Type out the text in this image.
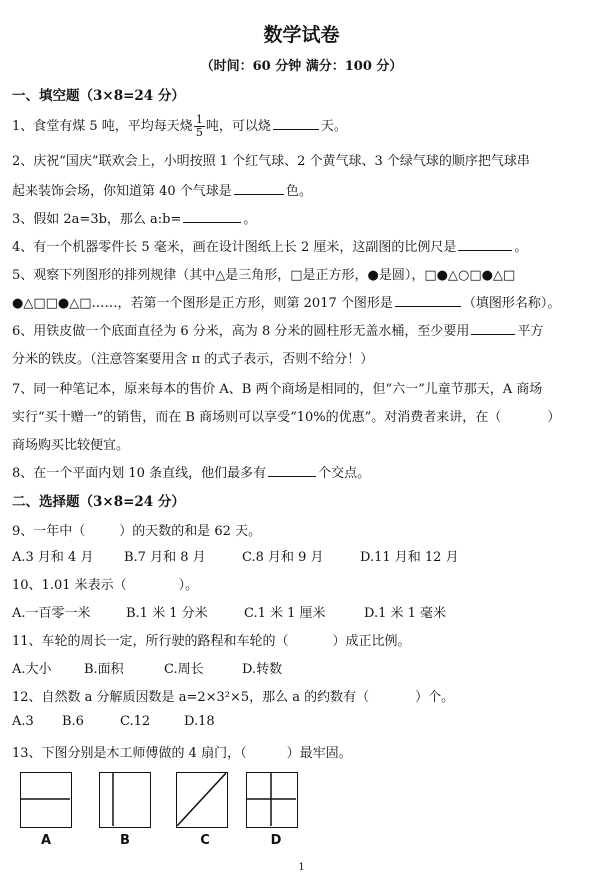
数学试卷
（时间：60 分钟 满分：100 分）
一、填空题（3×8=24 分）
1、食堂有煤 5 吨，平均每天烧 $\frac{1}{5}$ 吨，可以烧	天。
2、庆祝“国庆”联欢会上，小明按照 1 个红气球、2 个黄气球、3 个绿气球的顺序把气球串
起来装饰会场，你知道第 40 个气球是	色。
3、假如 2a=3b，那么 a:b=	。
4、有一个机器零件长 5 毫米，画在设计图纸上长 2 厘米，这副图的比例尺是	。
5、观察下列图形的排列规律（其中△是三角形，□是正方形，●是圆），□●△○□●△□
●△□□●△□……，若第一个图形是正方形，则第 2017 个图形是	（填图形名称）。
6、用铁皮做一个底面直径为 6 分米，高为 8 分米的圆柱形无盖水桶，至少要用	平方
分米的铁皮。（注意答案要用含 π 的式子表示，否则不给分！）
7、同一种笔记本，原来每本的售价 A、B 两个商场是相同的，但“六一”儿童节那天，A 商场
实行“买十赠一”的销售，而在 B 商场则可以享受“10%的优惠”。对消费者来讲，在（	）
商场购买比较便宜。
8、在一个平面内划 10 条直线，他们最多有	个交点。
二、选择题（3×8=24 分）
9、一年中（	）的天数的和是 62 天。
A.3 月和 4 月 B.7 月和 8 月	C.8 月和 9 月	D.11 月和 12 月
10、1.01 米表示（	）。
A.一百零一米	B.1 米 1 分米	C.1 米 1 厘米	D.1 米 1 毫米
11、车轮的周长一定，所行驶的路程和车轮的（	）成正比例。
A.大小 B.面积	C.周长	D.转数
12、自然数 a 分解质因数是 a=2×3²×5，那么 a 的约数有（	）个。
A.3 B.6	C.12	D.18
13、下图分别是木工师傅做的 4 扇门，（	）最牢固。
A	B	C	D
1
